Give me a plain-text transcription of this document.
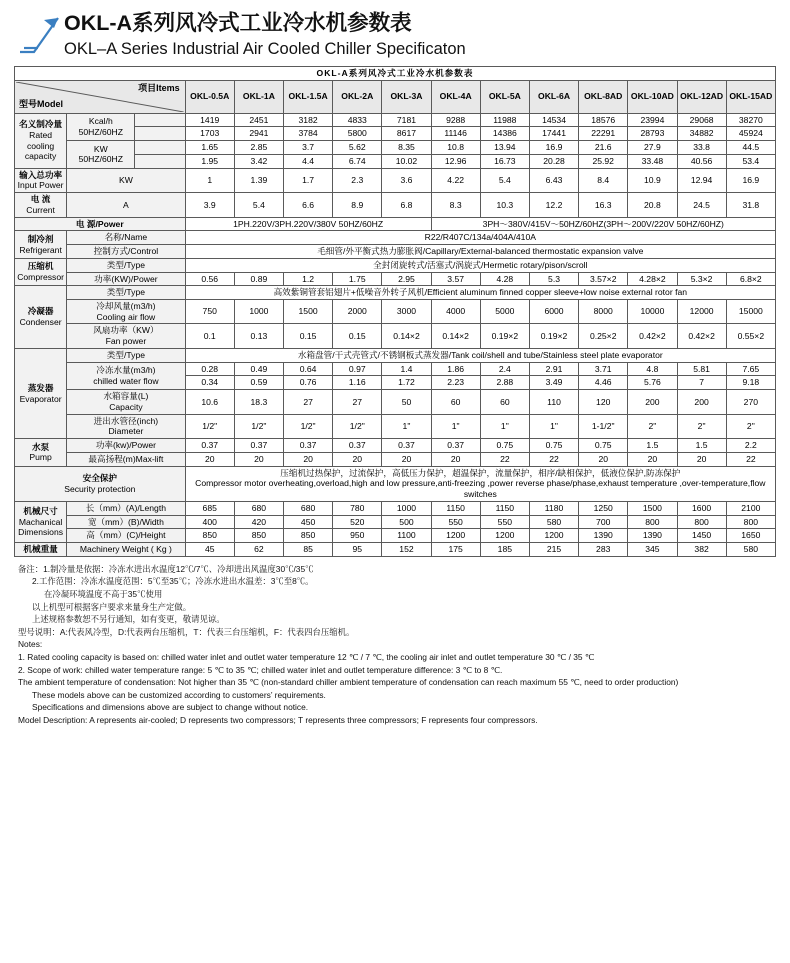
OKL-A系列风冷式工业冷水机参数表
OKL–A Series Industrial Air Cooled Chiller Specificaton
OKL-A系列风冷式工业冷水机参数表														

型号Model
项目Items			OKL-0.5A	OKL-1A	OKL-1.5A	OKL-2A	OKL-3A	OKL-4A	OKL-5A	OKL-6A	OKL-8AD	OKL-10AD	OKL-12AD	OKL-15AD

名义制冷量
Rated cooling capacity

Kcal/h
50HZ/60HZ
		1419	2451	3182	4833	7181	9288	11988	14534	18576	23994	29068	38270
			1703	2941	3784	5800	8617	11146	14386	17441	22291	28793	34882	45924

	KW
50HZ/60HZ		1.65	2.85	3.7	5.62	8.35	10.8	13.94	16.9	21.6	27.9	33.8	44.5
			1.95	3.42	4.4	6.74	10.02	12.96	16.73	20.28	25.92	33.48	40.56	53.4

输入总功率
Input Power	KW		1	1.39	1.7	2.3	3.6	4.22	5.4	6.43	8.4	10.9	12.94	16.9

电 流
Current	A		3.9	5.4	6.6	8.9	6.8	8.3	10.3	12.2	16.3	20.8	24.5	31.8
电 源/Power			1PH.220V/3PH.220V/380V 50HZ/60HZ					3PH～380V/415V～50HZ/60HZ(3PH～200V/220V 50HZ/60HZ)						

制冷剂
Refrigerant	名称/Name		R22/R407C/134a/404A/410A											
	控制方式/Control		毛细管/外平衡式热力膨胀阀/Capillary/External-balanced thermostatic expansion valve											

压缩机
Compressor	类型/Type		全封闭旋转式/活塞式/涡旋式/Hermetic rotary/pison/scroll											
	功率(KW)/Power		0.56	0.89	1.2	1.75	2.95	3.57	4.28	5.3	3.57×2	4.28×2	5.3×2	6.8×2

冷凝器
Condenser	类型/Type		高效紫铜管套铝翅片+低噪音外转子风机/Efficient aluminum finned copper sleeve+low noise external rotor fan											

	冷却风量(m3/h)
Cooling air flow		750	1000	1500	2000	3000	4000	5000	6000	8000	10000	12000	15000

	风扇功率（KW）
Fan power		0.1	0.13	0.15	0.15	0.14×2	0.14×2	0.19×2	0.19×2	0.25×2	0.42×2	0.42×2	0.55×2

蒸发器
Evaporator	类型/Type		水箱盘管/干式壳管式/不锈钢板式蒸发器/Tank coil/shell and tube/Stainless steel plate evaporator											

	冷冻水量(m3/h)
chilled water flow		0.28	0.49	0.64	0.97	1.4	1.86	2.4	2.91	3.71	4.8	5.81	7.65
			0.34	0.59	0.76	1.16	1.72	2.23	2.88	3.49	4.46	5.76	7	9.18

	水箱容量(L)
Capacity		10.6	18.3	27	27	50	60	60	110	120	200	200	270

	进出水管径(inch)
Diameter		1/2"	1/2"	1/2"	1/2"	1"	1"	1"	1"	1-1/2"	2"	2"	2"

水泵
Pump	功率(kw)/Power		0.37	0.37	0.37	0.37	0.37	0.37	0.75	0.75	0.75	1.5	1.5	2.2
	最高扬程(m)Max-lift		20	20	20	20	20	20	22	22	20	20	20	22

安全保护
Security protection

压缩机过热保护，过流保护，高低压力保护，超温保护，流量保护，相序/缺相保护，低液位保护,防冻保护
Compressor motor overheating,overload,high and low pressure,anti-freezing ,power reverse phase/phase,exhaust temperature ,over-temperature,flow switches

机械尺寸
Machanical Dimensions	长（mm）(A)/Length		685	680	680	780	1000	1150	1150	1180	1250	1500	1600	2100
	宽（mm）(B)/Width		400	420	450	520	500	550	550	580	700	800	800	800
	高（mm）(C)/Height		850	850	850	950	1100	1200	1200	1200	1390	1390	1450	1650

机械重量	Machinery Weight ( Kg )		45	62	85	95	152	175	185	215	283	345	382	580

备注：1.制冷量是依据：冷冻水进出水温度12℃/7℃、冷却进出风温度30℃/35℃

2.工作范围：冷冻水温度范围：5℃至35℃；冷冻水进出水温差：3℃至8℃。

在冷凝环境温度不高于35℃使用

以上机型可根据客户要求来量身生产定做。

上述规格参数恕不另行通知，如有变更，敬请见谅。

型号说明：A:代表风冷型，D:代表两台压缩机，T：代表三台压缩机，F：代表四台压缩机。

Notes:

1. Rated cooling capacity is based on: chilled water inlet and outlet water temperature 12 ℃ / 7 ℃, the cooling air inlet and outlet temperature 30 ℃ / 35 ℃

2. Scope of work: chilled water temperature range: 5 ℃ to 35 ℃; chilled water inlet and outlet temperature difference: 3 ℃ to 8 ℃.

The ambient temperature of condensation: Not higher than 35 ℃ (non-standard chiller ambient temperature of condensation can reach maximum 55 ℃, need to order production)

These models above can be customized according to customers’ requirements.

Specifications and dimensions above are subject to change without notice.

Model Description: A represents air-cooled; D represents two compressors; T represents three compressors; F represents four compressors.
